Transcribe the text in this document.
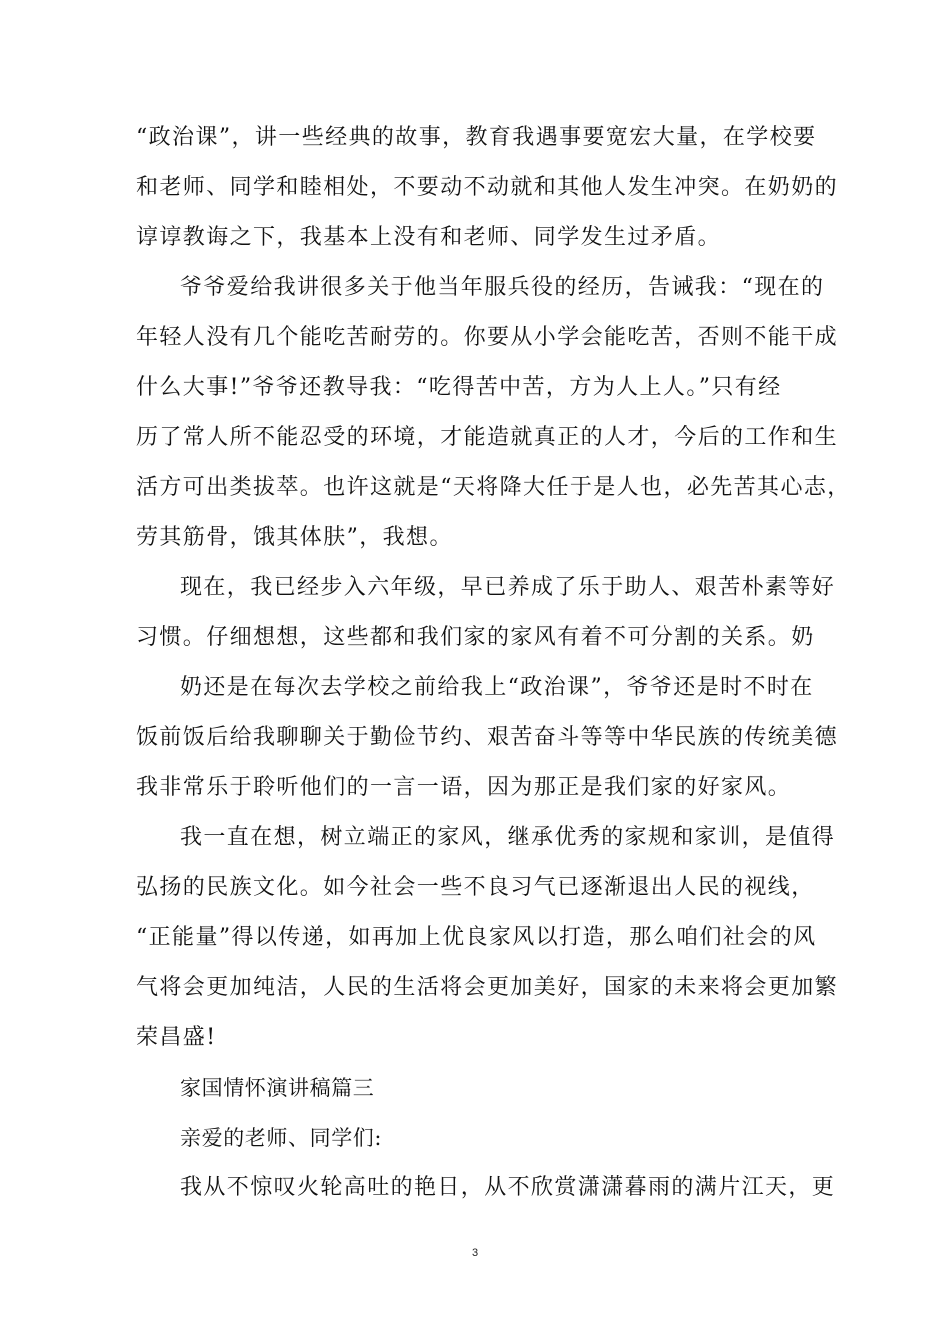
“政治课”，讲一些经典的故事，教育我遇事要宽宏大量，在学校要
和老师、同学和睦相处，不要动不动就和其他人发生冲突。在奶奶的
谆谆教诲之下，我基本上没有和老师、同学发生过矛盾。
爷爷爱给我讲很多关于他当年服兵役的经历，告诫我：“现在的
年轻人没有几个能吃苦耐劳的。你要从小学会能吃苦，否则不能干成
什么大事!”爷爷还教导我：“吃得苦中苦，方为人上人。”只有经
历了常人所不能忍受的环境，才能造就真正的人才，今后的工作和生
活方可出类拔萃。也许这就是“天将降大任于是人也，必先苦其心志，
劳其筋骨，饿其体肤”，我想。
现在，我已经步入六年级，早已养成了乐于助人、艰苦朴素等好
习惯。仔细想想，这些都和我们家的家风有着不可分割的关系。奶
奶还是在每次去学校之前给我上“政治课”，爷爷还是时不时在
饭前饭后给我聊聊关于勤俭节约、艰苦奋斗等等中华民族的传统美德
我非常乐于聆听他们的一言一语，因为那正是我们家的好家风。
我一直在想，树立端正的家风，继承优秀的家规和家训，是值得
弘扬的民族文化。如今社会一些不良习气已逐渐退出人民的视线，
“正能量”得以传递，如再加上优良家风以打造，那么咱们社会的风
气将会更加纯洁，人民的生活将会更加美好，国家的未来将会更加繁
荣昌盛!
家国情怀演讲稿篇三
亲爱的老师、同学们:
我从不惊叹火轮高吐的艳日，从不欣赏潇潇暮雨的满片江天，更
3
